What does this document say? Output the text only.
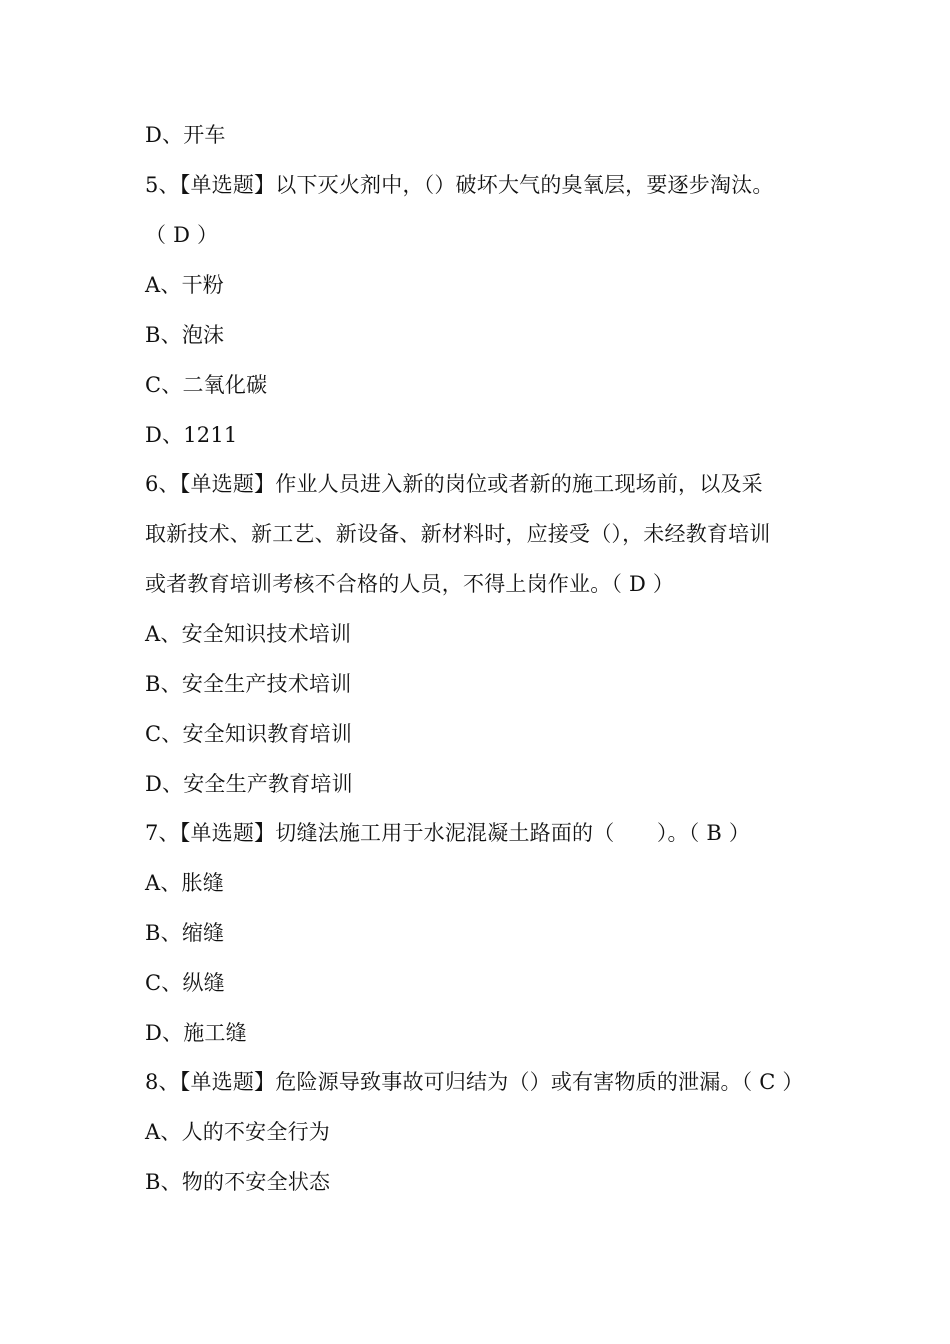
D、开车
5、【单选题】以下灭火剂中，（）破坏大气的臭氧层，要逐步淘汰。
（ D ）
A、干粉
B、泡沫
C、二氧化碳
D、1211
6、【单选题】作业人员进入新的岗位或者新的施工现场前，以及采
取新技术、新工艺、新设备、新材料时，应接受（），未经教育培训
或者教育培训考核不合格的人员，不得上岗作业。（ D ）
A、安全知识技术培训
B、安全生产技术培训
C、安全知识教育培训
D、安全生产教育培训
7、【单选题】切缝法施工用于水泥混凝土路面的（　　）。（ B ）
A、胀缝
B、缩缝
C、纵缝
D、施工缝
8、【单选题】危险源导致事故可归结为（）或有害物质的泄漏。（ C ）
A、人的不安全行为
B、物的不安全状态
